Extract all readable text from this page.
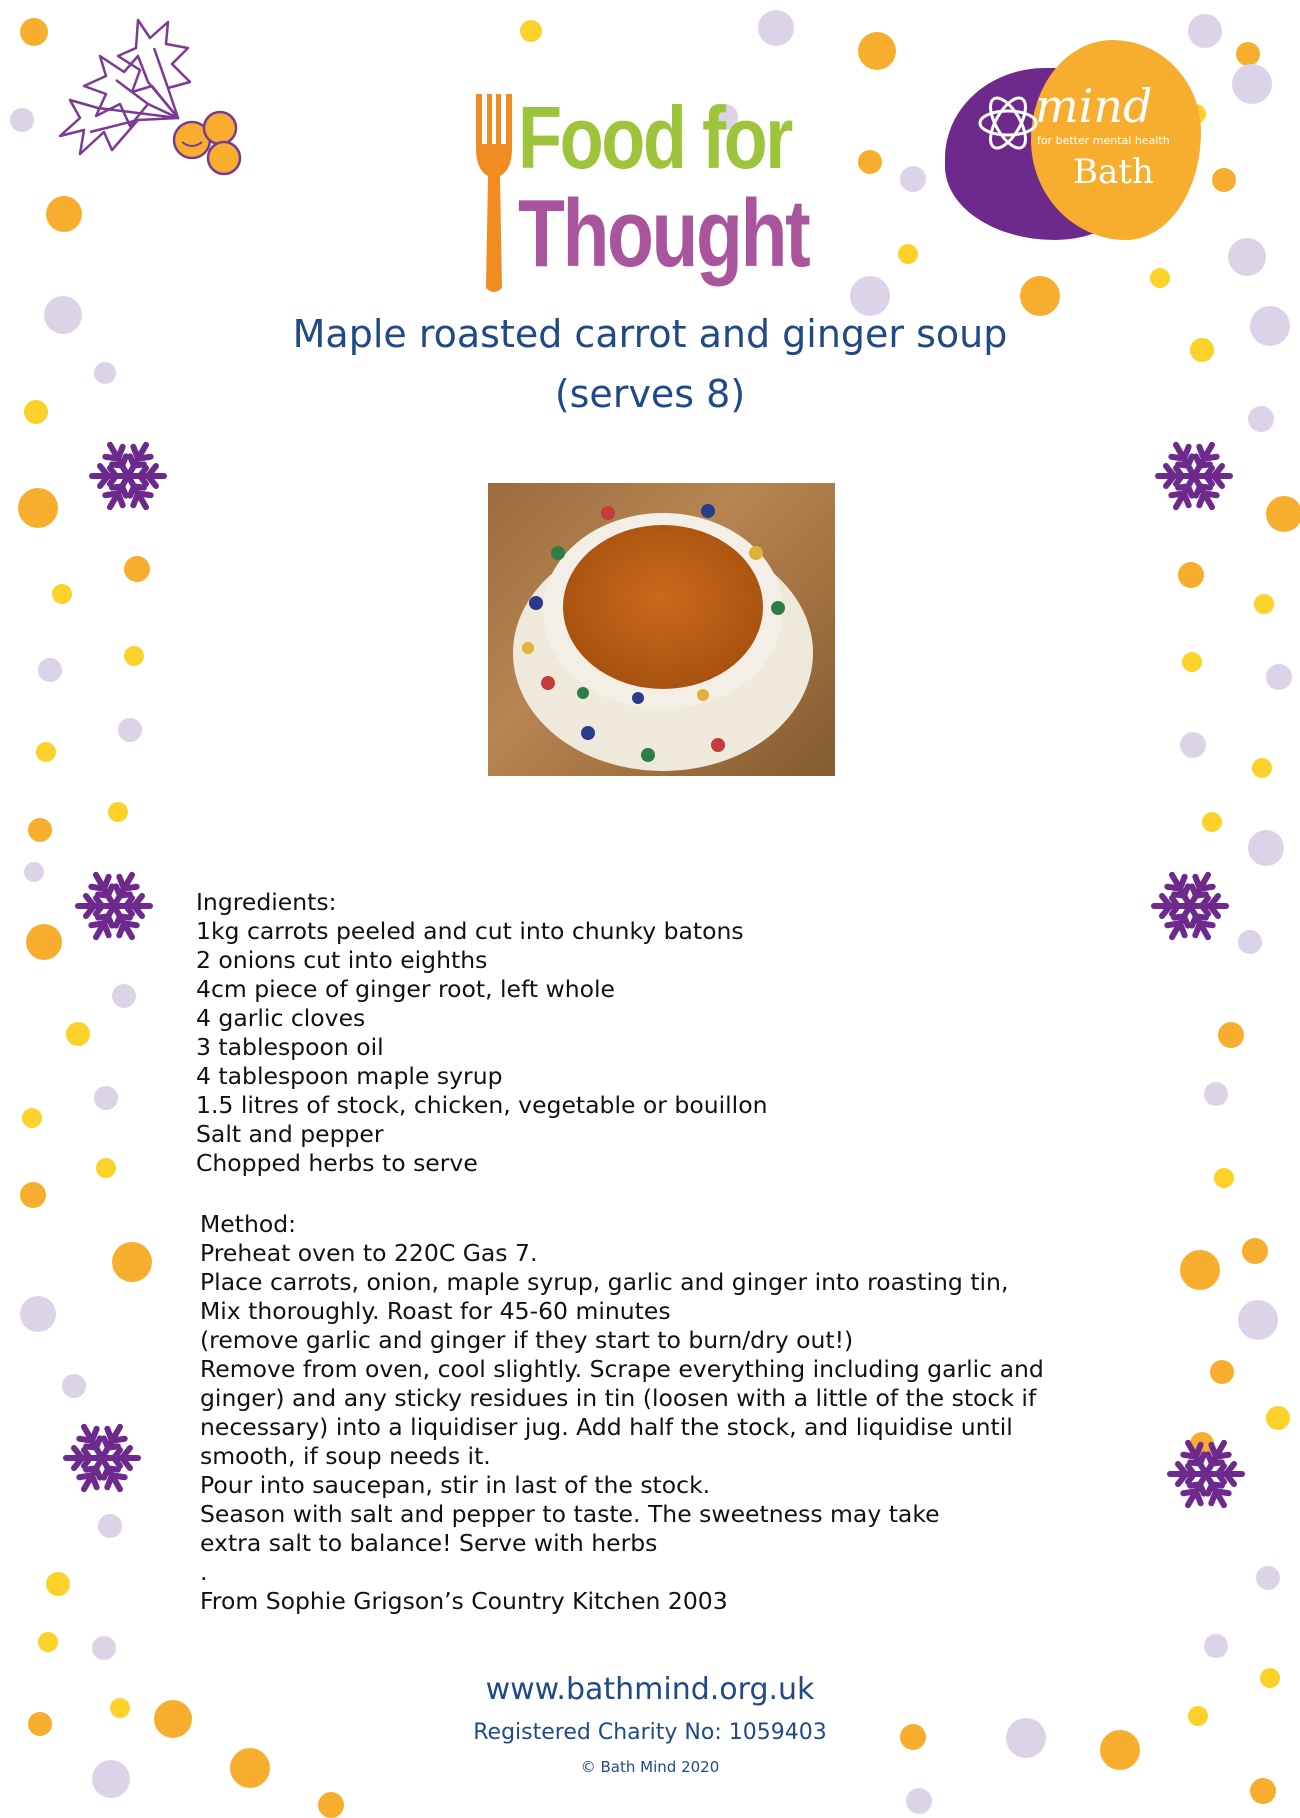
Food for
Thought
mind
for better mental health
Bath
Maple roasted carrot and ginger soup
(serves 8)
Ingredients:
1kg carrots peeled and cut into chunky batons
2 onions cut into eighths
4cm piece of ginger root, left whole
4 garlic cloves
3 tablespoon oil
4 tablespoon maple syrup
1.5 litres of stock, chicken, vegetable or bouillon
Salt and pepper
Chopped herbs to serve
Method:
Preheat oven to 220C Gas 7.
Place carrots, onion, maple syrup, garlic and ginger into roasting tin,
Mix thoroughly. Roast for 45-60 minutes
(remove garlic and ginger if they start to burn/dry out!)
Remove from oven, cool slightly. Scrape everything including garlic and
ginger) and any sticky residues in tin (loosen with a little of the stock if
necessary) into a liquidiser jug. Add half the stock, and liquidise until
smooth, if soup needs it.
Pour into saucepan, stir in last of the stock.
Season with salt and pepper to taste. The sweetness may take
extra salt to balance! Serve with herbs
.
From Sophie Grigson’s Country Kitchen 2003
www.bathmind.org.uk
Registered Charity No: 1059403
© Bath Mind 2020
